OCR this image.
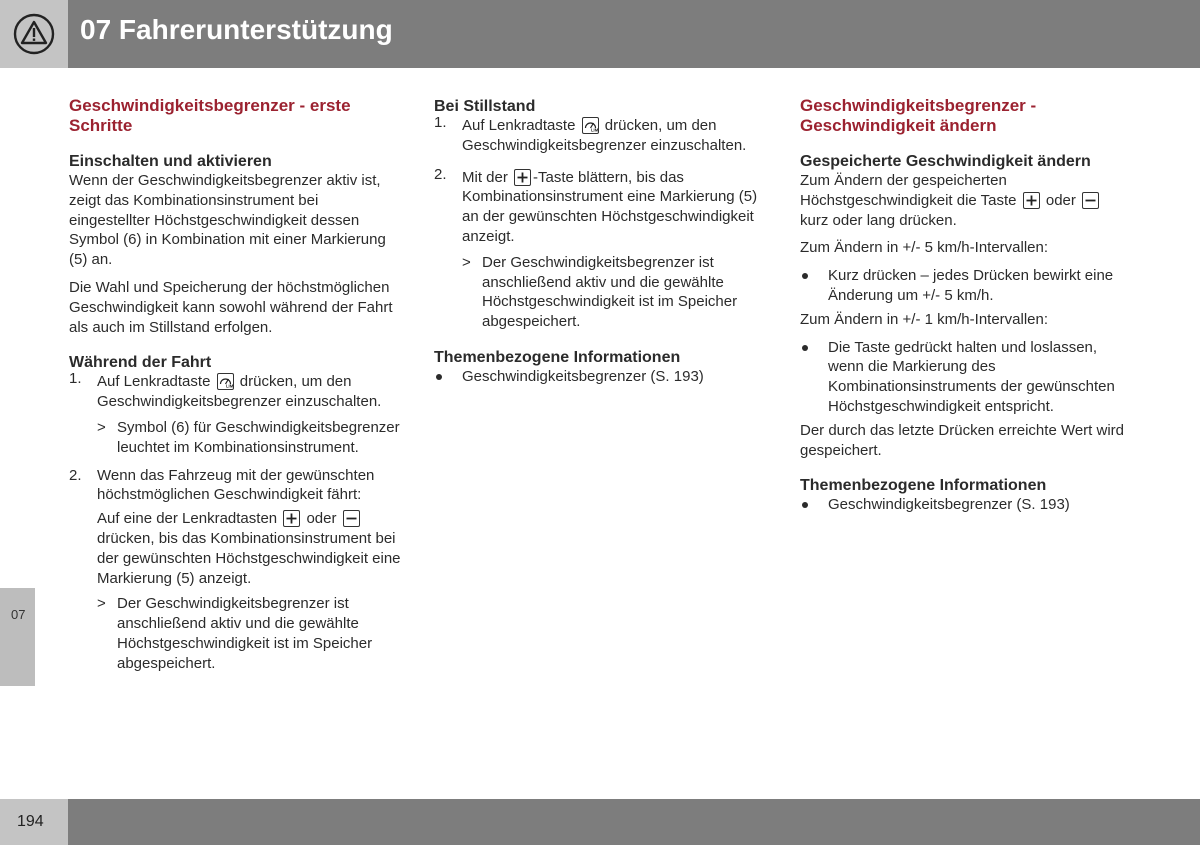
07 Fahrerunterstützung
07
Geschwindigkeitsbegrenzer - erste Schritte
Einschalten und aktivieren

Wenn der Geschwindigkeitsbegrenzer aktiv ist, zeigt das Kombinationsinstrument bei eingestellter Höchstgeschwindigkeit dessen Symbol (6) in Kombination mit einer Markierung (5) an.

Die Wahl und Speicherung der höchstmöglichen Geschwindigkeit kann sowohl während der Fahrt als auch im Stillstand erfolgen.

Während der Fahrt
1. Auf Lenkradtaste	LIM drücken, um den Geschwindigkeitsbegrenzer einzuschalten.
> Symbol (6) für Geschwindigkeitsbegrenzer leuchtet im Kombinationsinstrument.
2. Wenn das Fahrzeug mit der gewünschten höchstmöglichen Geschwindigkeit fährt:
Auf eine der Lenkradtasten oder
drücken, bis das Kombinationsinstrument bei der gewünschten Höchstgeschwindigkeit eine Markierung (5) anzeigt.
> Der Geschwindigkeitsbegrenzer ist anschließend aktiv und die gewählte Höchstgeschwindigkeit ist im Speicher abgespeichert.
Bei Stillstand
1. Auf Lenkradtaste	LIM drücken, um den Geschwindigkeitsbegrenzer einzuschalten.
2. Mit der -Taste blättern, bis das Kombinationsinstrument eine Markierung (5) an der gewünschten Höchstgeschwindigkeit anzeigt.
> Der Geschwindigkeitsbegrenzer ist anschließend aktiv und die gewählte Höchstgeschwindigkeit ist im Speicher abgespeichert.
Themenbezogene Informationen
Geschwindigkeitsbegrenzer (S. 193)
Geschwindigkeitsbegrenzer - Geschwindigkeit ändern
Gespeicherte Geschwindigkeit ändern

Zum Ändern der gespeicherten Höchstgeschwindigkeit die Taste oder
kurz oder lang drücken.

Zum Ändern in +/- 5 km/h-Intervallen:

Kurz drücken – jedes Drücken bewirkt eine Änderung um +/- 5 km/h.

Zum Ändern in +/- 1 km/h-Intervallen:

Die Taste gedrückt halten und loslassen, wenn die Markierung des Kombinationsinstruments der gewünschten Höchstgeschwindigkeit entspricht.

Der durch das letzte Drücken erreichte Wert wird gespeichert.

Themenbezogene Informationen
Geschwindigkeitsbegrenzer (S. 193)
194
